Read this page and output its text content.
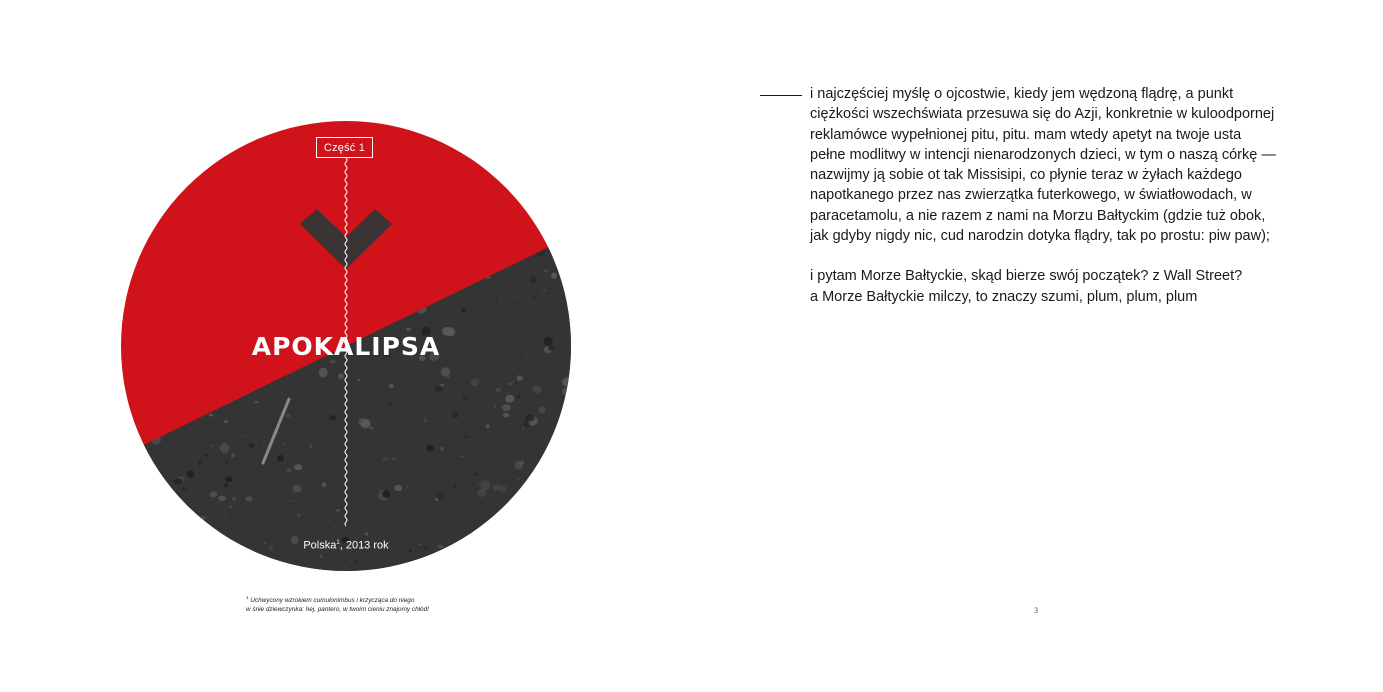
Część 1
APOKALIPSA
Polska$^1$, 2013 rok
$^1$ Uchwycony wzrokiem cumulonimbus i krzycząca do niego
w śnie dziewczynka: hej, pantero, w twoim cieniu znajomy chłód!
i najczęściej myślę o ojcostwie, kiedy jem wędzoną flądrę, a punkt
ciężkości wszechświata przesuwa się do Azji, konkretnie w kuloodpornej
reklamówce wypełnionej pitu, pitu. mam wtedy apetyt na twoje usta
pełne modlitwy w intencji nienarodzonych dzieci, w tym o naszą córkę —
nazwijmy ją sobie ot tak Missisipi, co płynie teraz w żyłach każdego
napotkanego przez nas zwierzątka futerkowego, w światłowodach, w
paracetamolu, a nie razem z nami na Morzu Bałtyckim (gdzie tuż obok,
jak gdyby nigdy nic, cud narodzin dotyka flądry, tak po prostu: piw paw);
i pytam Morze Bałtyckie, skąd bierze swój początek? z Wall Street?
a Morze Bałtyckie milczy, to znaczy szumi, plum, plum, plum
3
